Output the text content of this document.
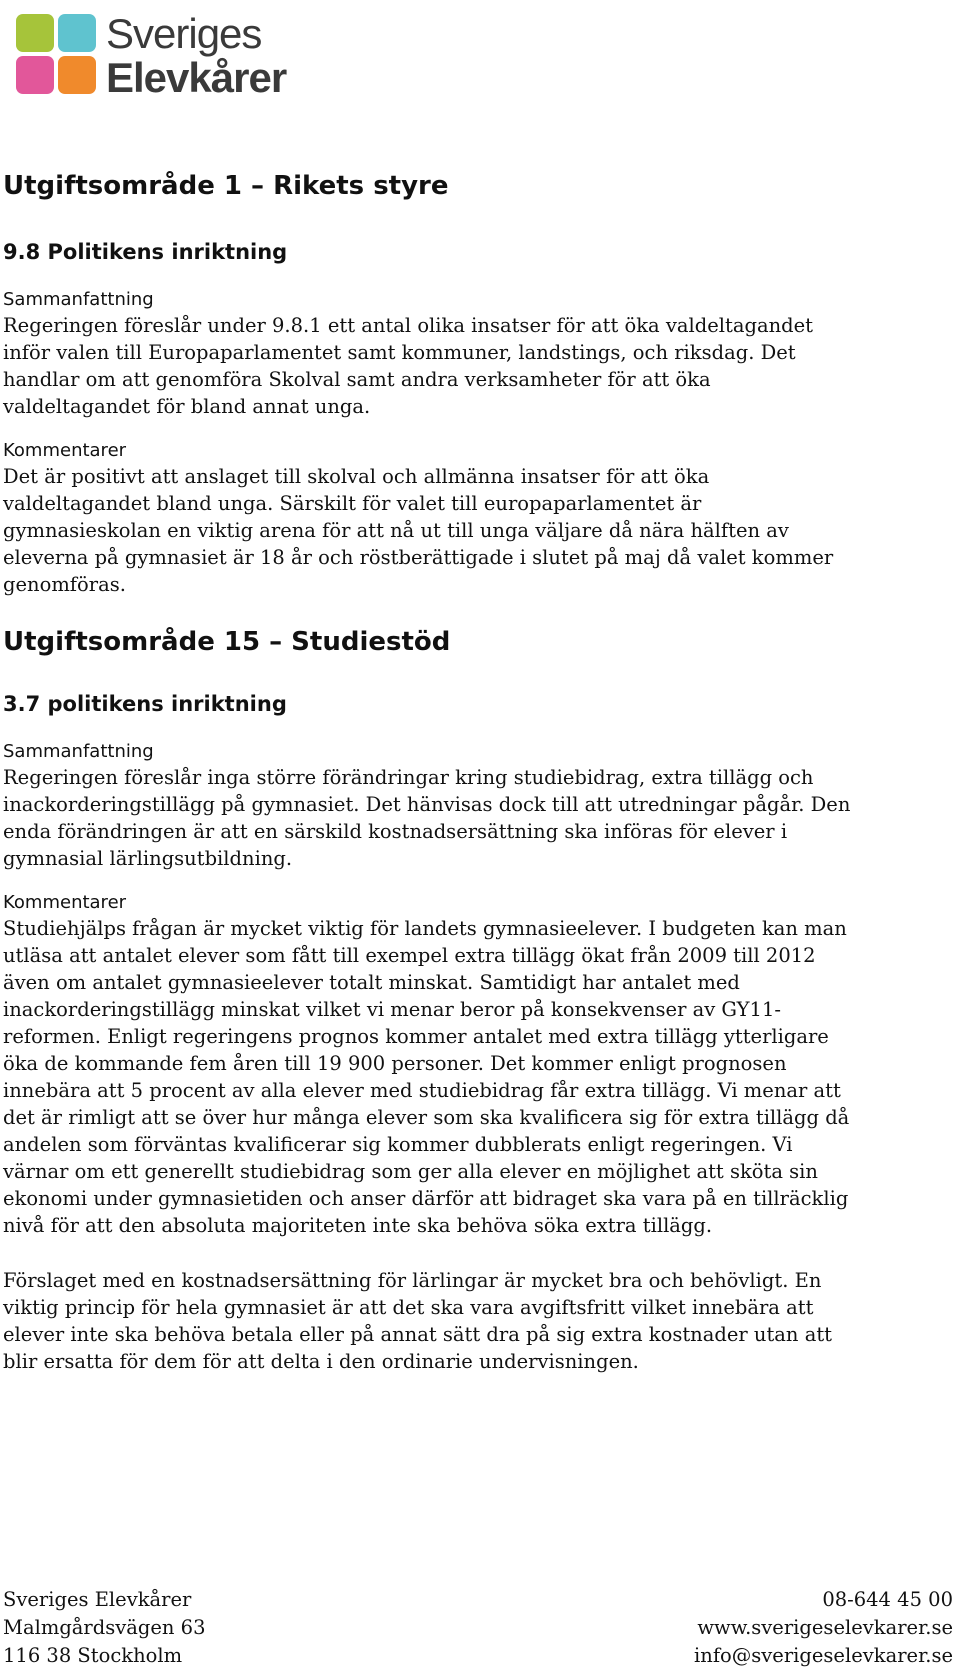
Sveriges
Elevkårer
Utgiftsområde 1 – Rikets styre
9.8 Politikens inriktning
Sammanfattning
Regeringen föreslår under 9.8.1 ett antal olika insatser för att öka valdeltagandet
inför valen till Europaparlamentet samt kommuner, landstings, och riksdag. Det
handlar om att genomföra Skolval samt andra verksamheter för att öka
valdeltagandet för bland annat unga.
Kommentarer
Det är positivt att anslaget till skolval och allmänna insatser för att öka
valdeltagandet bland unga. Särskilt för valet till europaparlamentet är
gymnasieskolan en viktig arena för att nå ut till unga väljare då nära hälften av
eleverna på gymnasiet är 18 år och röstberättigade i slutet på maj då valet kommer
genomföras.
Utgiftsområde 15 – Studiestöd
3.7 politikens inriktning
Sammanfattning
Regeringen föreslår inga större förändringar kring studiebidrag, extra tillägg och
inackorderingstillägg på gymnasiet. Det hänvisas dock till att utredningar pågår. Den
enda förändringen är att en särskild kostnadsersättning ska införas för elever i
gymnasial lärlingsutbildning.
Kommentarer
Studiehjälps frågan är mycket viktig för landets gymnasieelever. I budgeten kan man
utläsa att antalet elever som fått till exempel extra tillägg ökat från 2009 till 2012
även om antalet gymnasieelever totalt minskat. Samtidigt har antalet med
inackorderingstillägg minskat vilket vi menar beror på konsekvenser av GY11-
reformen. Enligt regeringens prognos kommer antalet med extra tillägg ytterligare
öka de kommande fem åren till 19 900 personer. Det kommer enligt prognosen
innebära att 5 procent av alla elever med studiebidrag får extra tillägg. Vi menar att
det är rimligt att se över hur många elever som ska kvalificera sig för extra tillägg då
andelen som förväntas kvalificerar sig kommer dubblerats enligt regeringen. Vi
värnar om ett generellt studiebidrag som ger alla elever en möjlighet att sköta sin
ekonomi under gymnasietiden och anser därför att bidraget ska vara på en tillräcklig
nivå för att den absoluta majoriteten inte ska behöva söka extra tillägg.
Förslaget med en kostnadsersättning för lärlingar är mycket bra och behövligt. En
viktig princip för hela gymnasiet är att det ska vara avgiftsfritt vilket innebära att
elever inte ska behöva betala eller på annat sätt dra på sig extra kostnader utan att
blir ersatta för dem för att delta i den ordinarie undervisningen.
Sveriges Elevkårer
Malmgårdsvägen 63
116 38 Stockholm
08-644 45 00
www.sverigeselevkarer.se
info@sverigeselevkarer.se
